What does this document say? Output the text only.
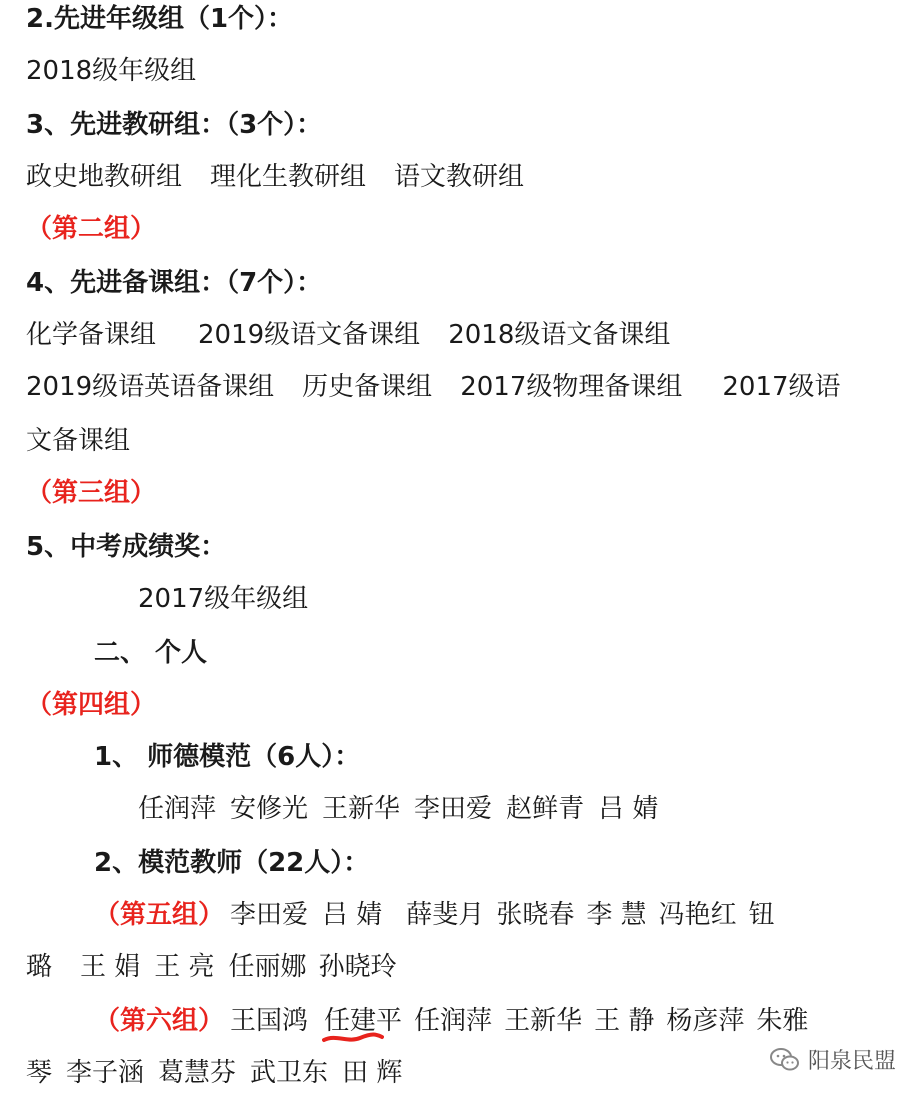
2.先进年级组（1个）：

2018级年级组

3、先进教研组：（3个）：

政史地教研组 理化生教研组 语文教研组

（第二组）

4、先进备课组：（7个）：

化学备课组 2019级语文备课组 2018级语文备课组

2019级语英语备课组 历史备课组 2017级物理备课组 2017级语

文备课组

（第三组）

5、中考成绩奖：

2017级年级组

二、 个人

（第四组）

1、 师德模范（6人）：

任润萍 安修光 王新华 李田爱 赵鲜青 吕 婧

2、模范教师（22人）：

（第五组） 李田爱 吕 婧 薛斐月 张晓春 李 慧 冯艳红 钮

璐 王 娟 王 亮 任丽娜 孙晓玲

（第六组） 王国鸿 任建平 任润萍 王新华 王 静 杨彦萍 朱雅

琴 李子涵 葛慧芬 武卫东 田 辉	阳泉民盟
